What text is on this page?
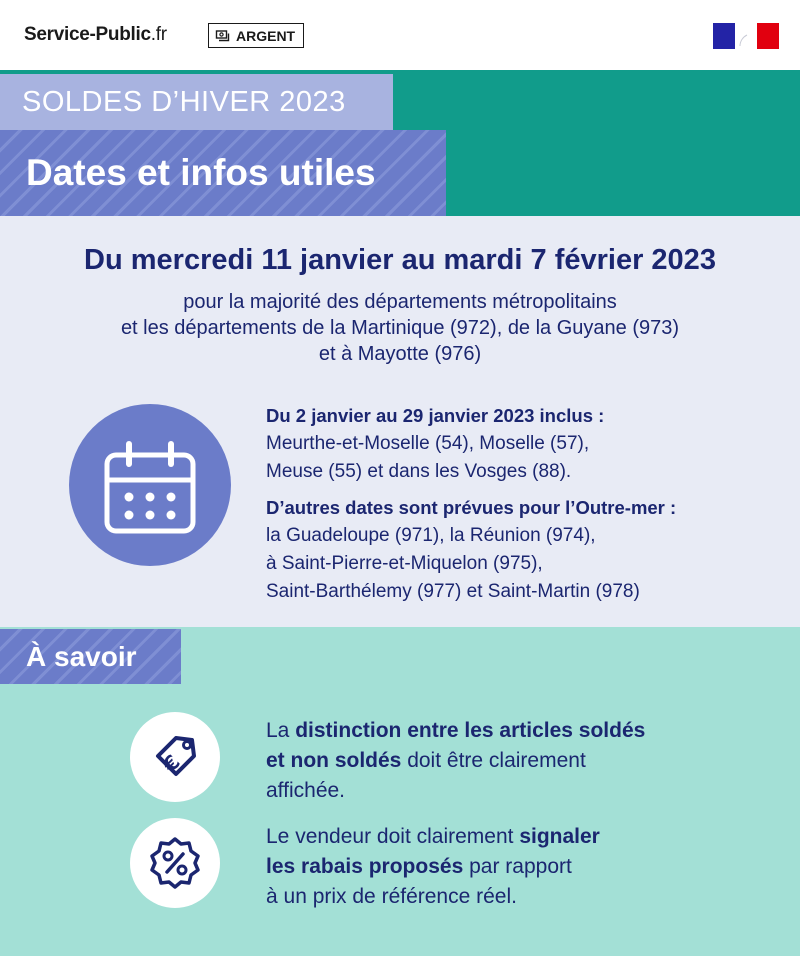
Service-Public.fr	ARGENT
SOLDES D’HIVER 2023
Dates et infos utiles
Du mercredi 11 janvier au mardi 7 février 2023
pour la majorité des départements métropolitains
et les départements de la Martinique (972), de la Guyane (973)
et à Mayotte (976)
Du 2 janvier au 29 janvier 2023 inclus :
Meurthe-et-Moselle (54), Moselle (57),
Meuse (55) et dans les Vosges (88).
D’autres dates sont prévues pour l’Outre-mer :
la Guadeloupe (971), la Réunion (974),
à Saint-Pierre-et-Miquelon (975),
Saint-Barthélemy (977) et Saint-Martin (978)
À savoir
€
La distinction entre les articles soldés
et non soldés doit être clairement
affichée.
Le vendeur doit clairement signaler
les rabais proposés par rapport
à un prix de référence réel.
